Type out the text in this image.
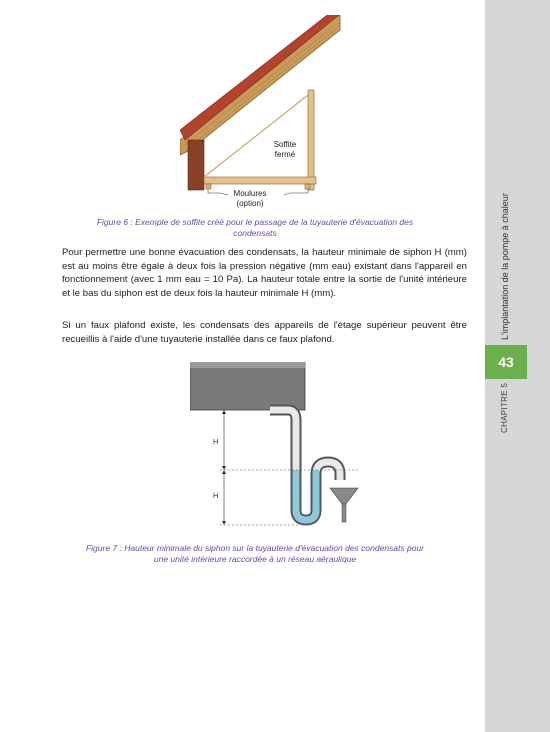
L'implantation de la pompe à chaleur
43
CHAPITRE 5
Soffite fermé
Moulures (option)
Figure 6 : Exemple de soffite créé pour le passage de la tuyauterie d'évacuation des condensats
Pour permettre une bonne évacuation des condensats, la hauteur minimale de siphon H (mm) est au moins être égale à deux fois la pression négative (mm eau) existant dans l'appareil en fonctionnement (avec 1 mm eau = 10 Pa). La hauteur totale entre la sortie de l'unité intérieure et le bas du siphon est de deux fois la hauteur minimale H (mm).
Si un faux plafond existe, les condensats des appareils de l'étage supérieur peuvent être recueillis à l'aide d'une tuyauterie installée dans ce faux plafond.
H
H
Figure 7 : Hauteur minimale du siphon sur la tuyauterie d'évacuation des condensats pour une unité intérieure raccordée à un réseau aéraulique
